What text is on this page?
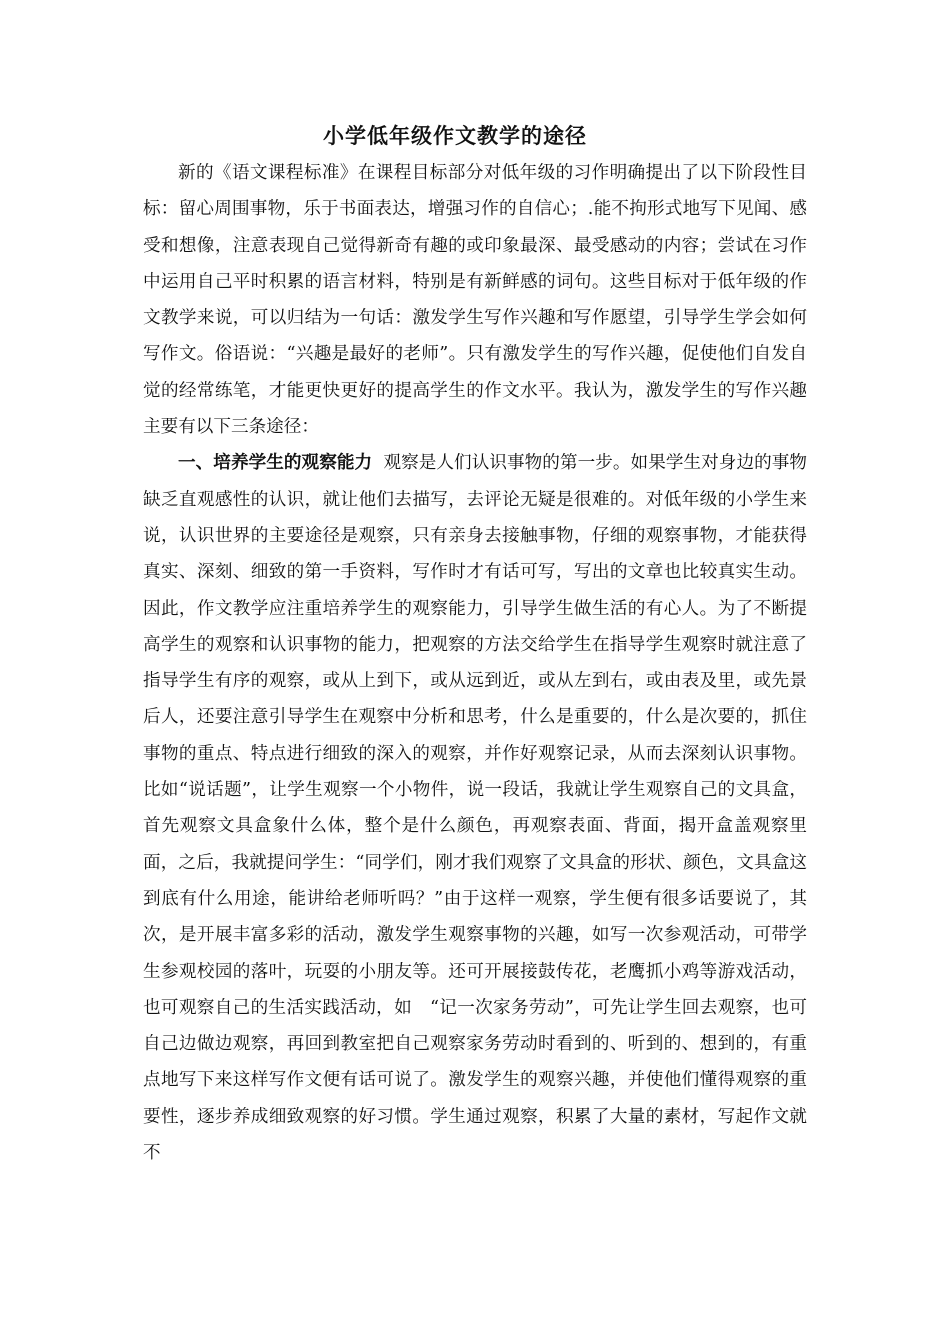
小学低年级作文教学的途径

新的《语文课程标准》在课程目标部分对低年级的习作明确提出了以下阶段性目标：留心周围事物，乐于书面表达，增强习作的自信心；.能不拘形式地写下见闻、感受和想像，注意表现自己觉得新奇有趣的或印象最深、最受感动的内容；尝试在习作中运用自己平时积累的语言材料，特别是有新鲜感的词句。这些目标对于低年级的作文教学来说，可以归结为一句话：激发学生写作兴趣和写作愿望，引导学生学会如何写作文。俗语说：“兴趣是最好的老师”。只有激发学生的写作兴趣，促使他们自发自觉的经常练笔，才能更快更好的提高学生的作文水平。我认为，激发学生的写作兴趣主要有以下三条途径：

一、培养学生的观察能力 观察是人们认识事物的第一步。如果学生对身边的事物缺乏直观感性的认识，就让他们去描写，去评论无疑是很难的。对低年级的小学生来说，认识世界的主要途径是观察，只有亲身去接触事物，仔细的观察事物，才能获得真实、深刻、细致的第一手资料，写作时才有话可写，写出的文章也比较真实生动。因此，作文教学应注重培养学生的观察能力，引导学生做生活的有心人。为了不断提高学生的观察和认识事物的能力，把观察的方法交给学生在指导学生观察时就注意了指导学生有序的观察，或从上到下，或从远到近，或从左到右，或由表及里，或先景后人，还要注意引导学生在观察中分析和思考，什么是重要的，什么是次要的，抓住事物的重点、特点进行细致的深入的观察，并作好观察记录，从而去深刻认识事物。比如“说话题”，让学生观察一个小物件，说一段话，我就让学生观察自己的文具盒，首先观察文具盒象什么体，整个是什么颜色，再观察表面、背面，揭开盒盖观察里面，之后，我就提问学生：“同学们，刚才我们观察了文具盒的形状、颜色，文具盒这到底有什么用途，能讲给老师听吗？”由于这样一观察，学生便有很多话要说了，其次，是开展丰富多彩的活动，激发学生观察事物的兴趣，如写一次参观活动，可带学生参观校园的落叶，玩耍的小朋友等。还可开展接鼓传花，老鹰抓小鸡等游戏活动，也可观察自己的生活实践活动，如　“记一次家务劳动”，可先让学生回去观察，也可自己边做边观察，再回到教室把自己观察家务劳动时看到的、听到的、想到的，有重点地写下来这样写作文便有话可说了。激发学生的观察兴趣，并使他们懂得观察的重要性，逐步养成细致观察的好习惯。学生通过观察，积累了大量的素材，写起作文就不
